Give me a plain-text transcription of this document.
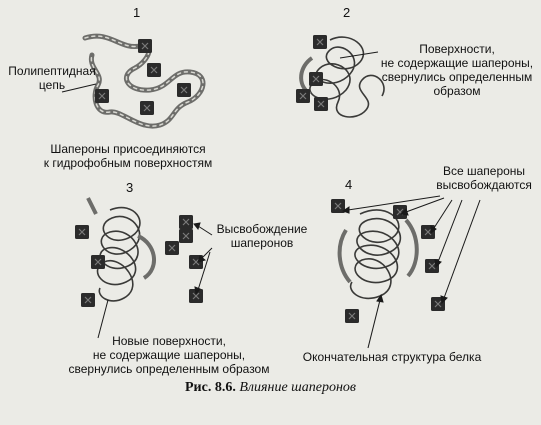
1	2
3	4
Полипептидная
цепь
Шапероны присоединяются
к гидрофобным поверхностям
Поверхности,
не содержащие шапероны,
свернулись определенным
образом
Высвобождение
шаперонов
Новые поверхности,
не содержащие шапероны,
свернулись определенным образом
Все шапероны
высвобождаются
Окончательная структура белка
Рис. 8.6. Влияние шаперонов
